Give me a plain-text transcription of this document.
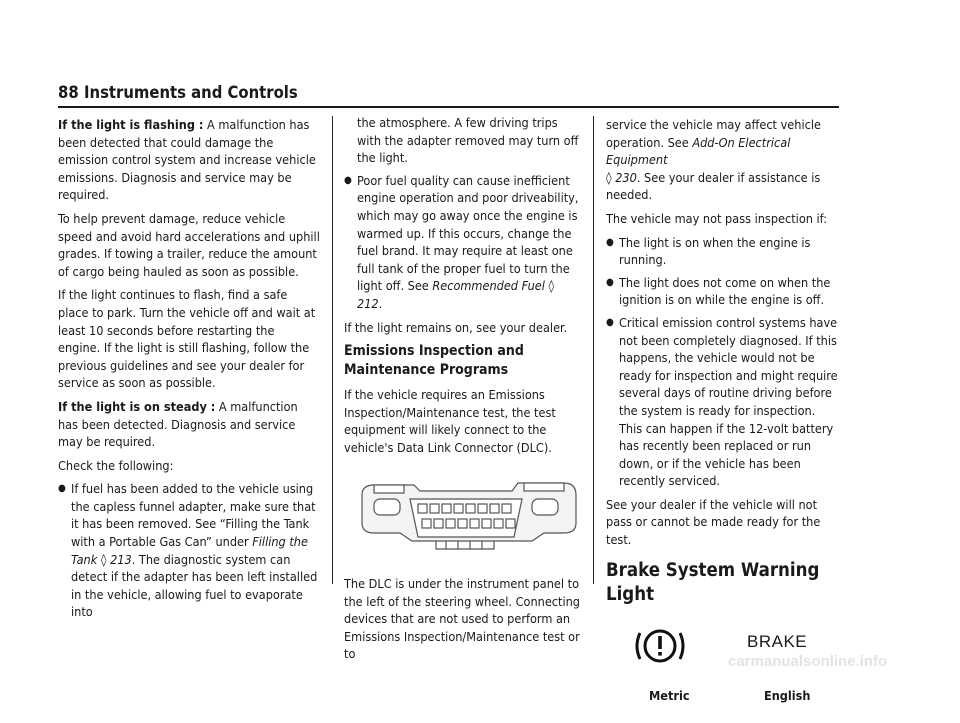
88 Instruments and Controls

If the light is flashing : A malfunction has been detected that could damage the emission control system and increase vehicle emissions. Diagnosis and service may be required.

To help prevent damage, reduce vehicle speed and avoid hard accelerations and uphill grades. If towing a trailer, reduce the amount of cargo being hauled as soon as possible.

If the light continues to flash, find a safe place to park. Turn the vehicle off and wait at least 10 seconds before restarting the engine. If the light is still flashing, follow the previous guidelines and see your dealer for service as soon as possible.

If the light is on steady : A malfunction has been detected. Diagnosis and service may be required.

Check the following:

● If fuel has been added to the vehicle using the capless funnel adapter, make sure that it has been removed. See “Filling the Tank with a Portable Gas Can” under Filling the Tank ◊ 213. The diagnostic system can detect if the adapter has been left installed in the vehicle, allowing fuel to evaporate into
the atmosphere. A few driving trips with the adapter removed may turn off the light.
● Poor fuel quality can cause inefficient engine operation and poor driveability, which may go away once the engine is warmed up. If this occurs, change the fuel brand. It may require at least one full tank of the proper fuel to turn the light off. See Recommended Fuel ◊ 212.

If the light remains on, see your dealer.

Emissions Inspection and Maintenance Programs

If the vehicle requires an Emissions Inspection/Maintenance test, the test equipment will likely connect to the vehicle's Data Link Connector (DLC).

The DLC is under the instrument panel to the left of the steering wheel. Connecting devices that are not used to perform an Emissions Inspection/Maintenance test or to

service the vehicle may affect vehicle operation. See Add-On Electrical Equipment
◊ 230. See your dealer if assistance is needed.

The vehicle may not pass inspection if:

● The light is on when the engine is running.
● The light does not come on when the ignition is on while the engine is off.
● Critical emission control systems have not been completely diagnosed. If this happens, the vehicle would not be ready for inspection and might require several days of routine driving before the system is ready for inspection. This can happen if the 12-volt battery has recently been replaced or run down, or if the vehicle has been recently serviced.

See your dealer if the vehicle will not pass or cannot be made ready for the test.

Brake System Warning Light
BRAKE
Metric	English
carmanualsonline.info
